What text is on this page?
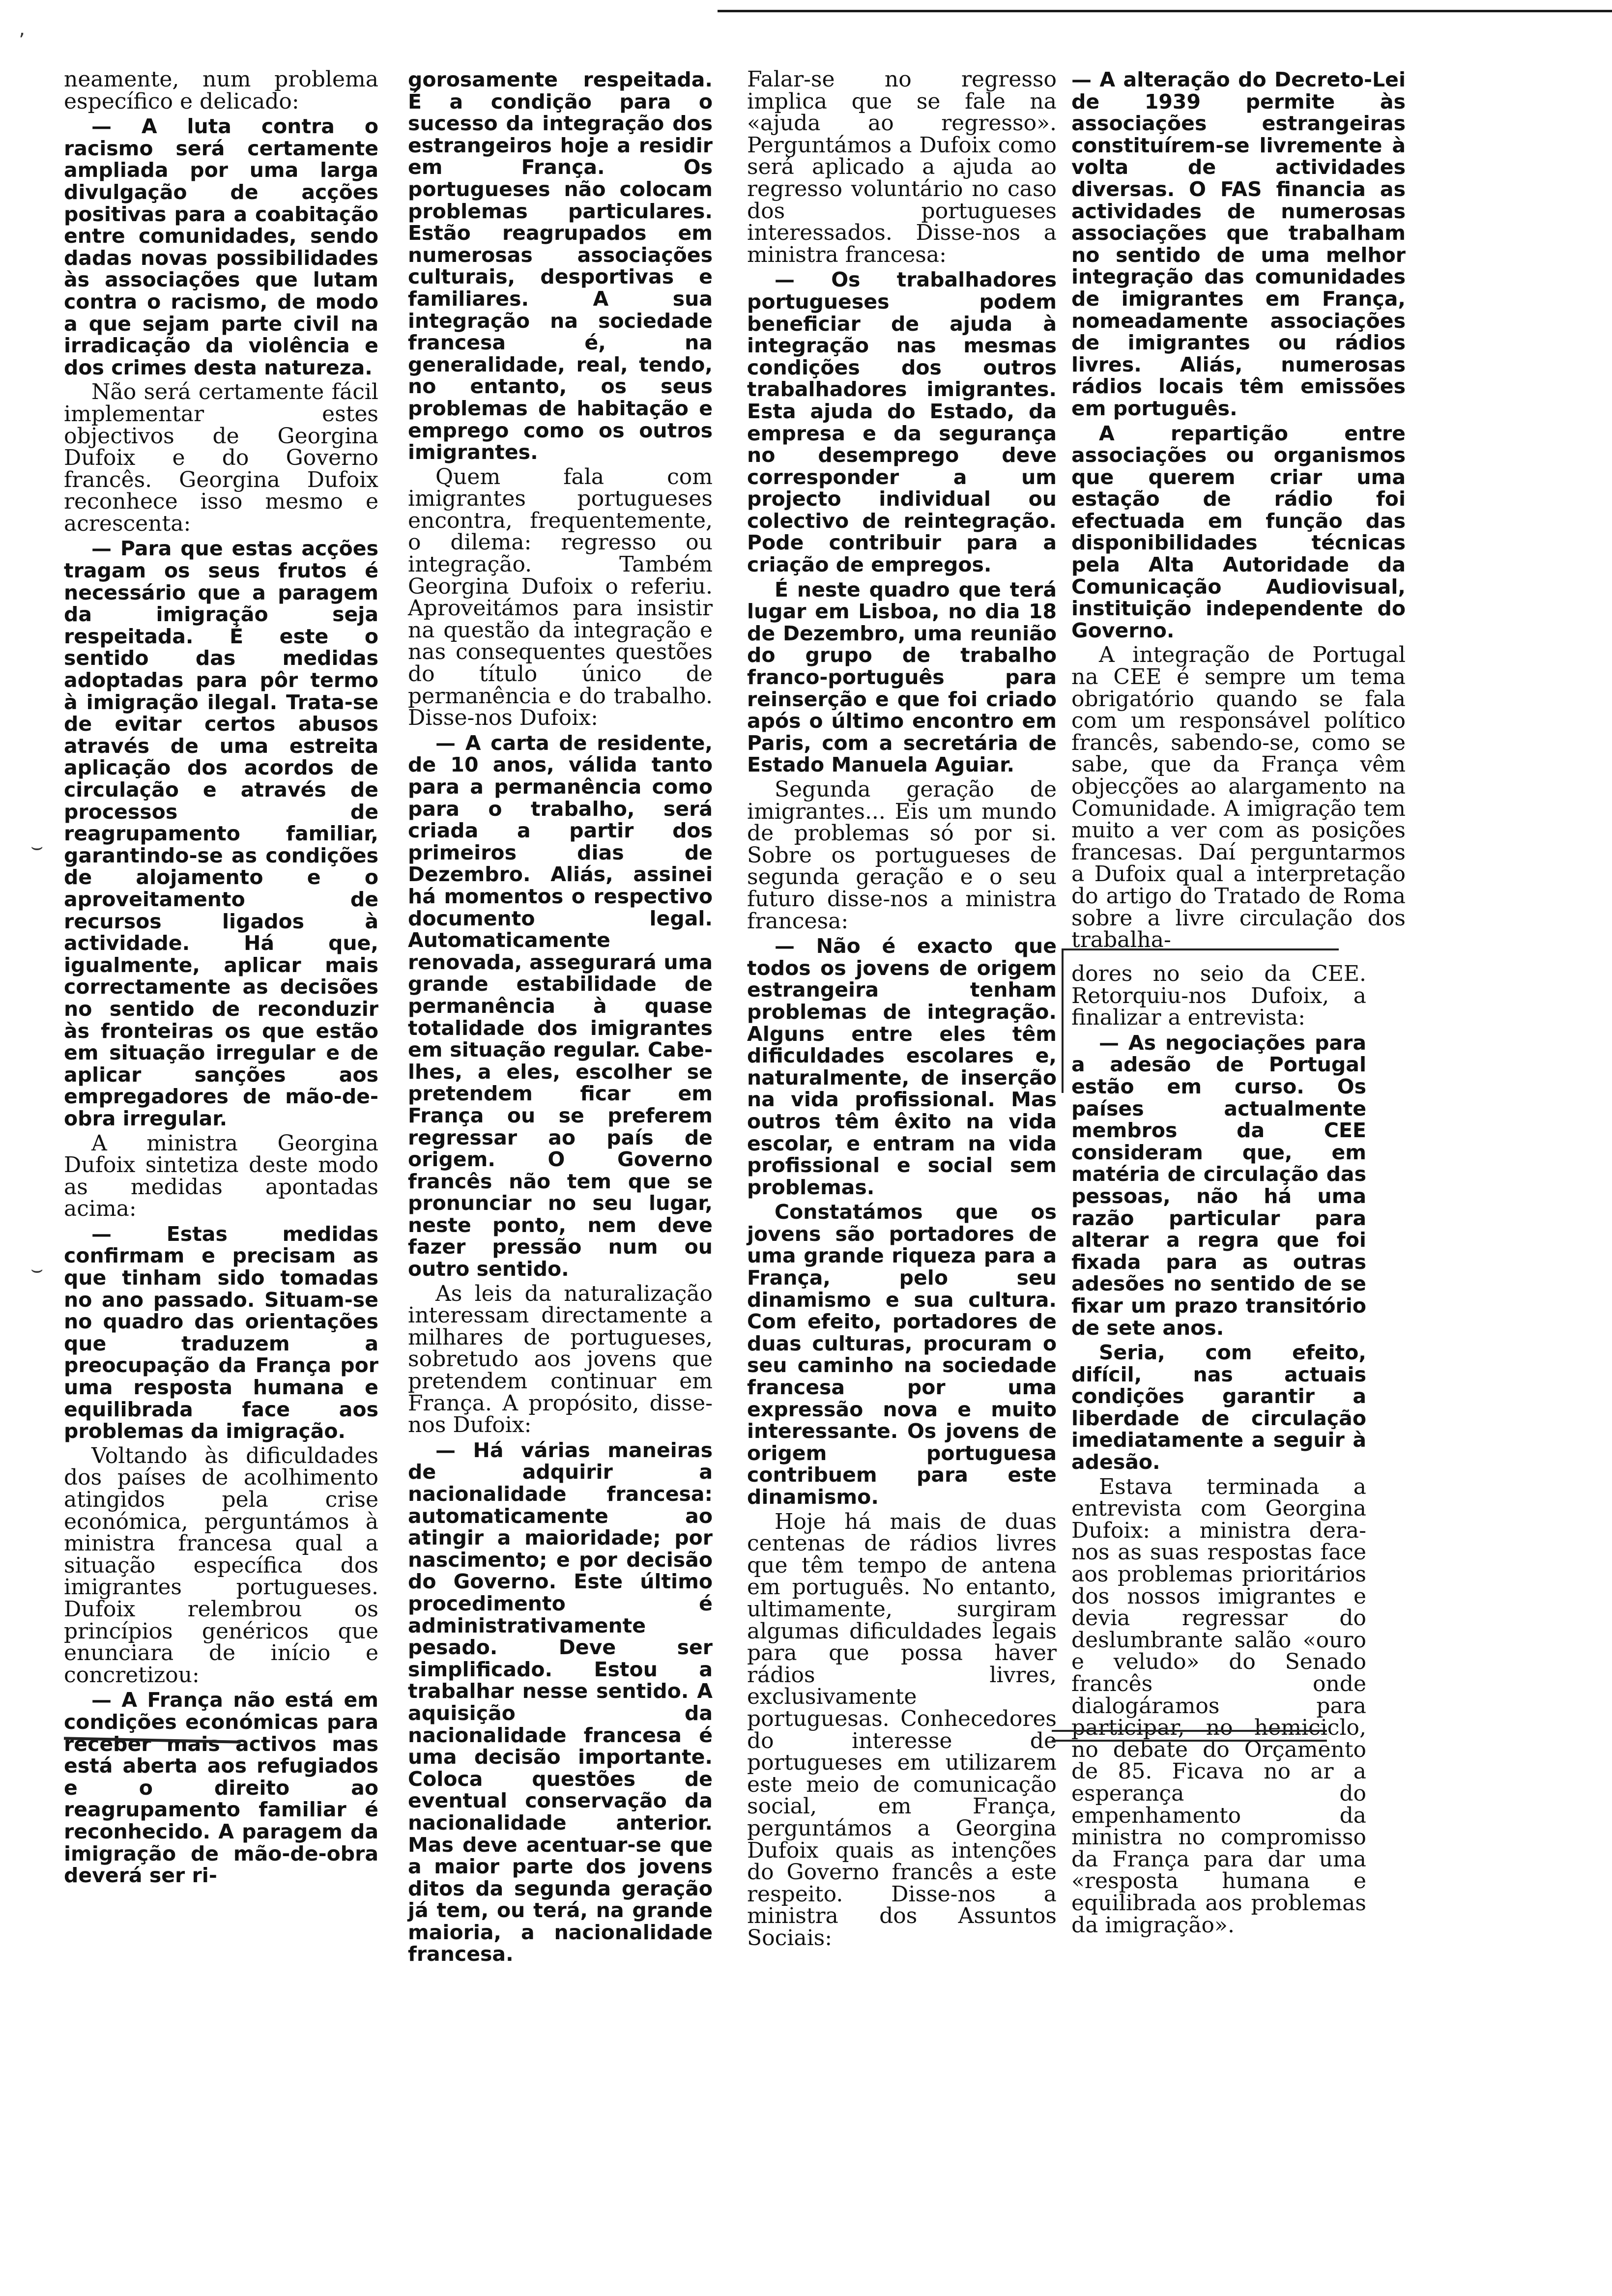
neamente, num problema específico e delicado:

— A luta contra o racismo será certamente ampliada por uma larga divulgação de acções positivas para a coabitação entre comunidades, sendo dadas novas possibilidades às associações que lutam contra o racismo, de modo a que sejam parte civil na irradicação da violência e dos crimes desta natureza.

Não será certamente fácil implementar estes objectivos de Georgina Dufoix e do Governo francês. Georgina Dufoix reconhece isso mesmo e acrescenta:

— Para que estas acções tragam os seus frutos é necessário que a paragem da imigração seja respeitada. É este o sentido das medidas adoptadas para pôr termo à imigração ilegal. Trata-se de evitar certos abusos através de uma estreita aplicação dos acordos de circulação e através de processos de reagrupamento familiar, garantindo-se as condições de alojamento e o aproveitamento de recursos ligados à actividade. Há que, igualmente, aplicar mais correctamente as decisões no sentido de reconduzir às fronteiras os que estão em situação irregular e de aplicar sanções aos empregadores de mão-de-obra irregular.

A ministra Georgina Dufoix sintetiza deste modo as medidas apontadas acima:

— Estas medidas confirmam e precisam as que tinham sido tomadas no ano passado. Situam-se no quadro das orientações que traduzem a preocupação da França por uma resposta humana e equilibrada face aos problemas da imigração.

Voltando às dificuldades dos países de acolhimento atingidos pela crise económica, perguntámos à ministra francesa qual a situação específica dos imigrantes portugueses. Dufoix relembrou os princípios genéricos que enunciara de início e concretizou:

— A França não está em condições económicas para receber mais activos mas está aberta aos refugiados e o direito ao reagrupamento familiar é reconhecido. A paragem da imigração de mão-de-obra deverá ser ri-

gorosamente respeitada. É a condição para o sucesso da integração dos estrangeiros hoje a residir em França. Os portugueses não colocam problemas particulares. Estão reagrupados em numerosas associações culturais, desportivas e familiares. A sua integração na sociedade francesa é, na generalidade, real, tendo, no entanto, os seus problemas de habitação e emprego como os outros imigrantes.

Quem fala com imigrantes portugueses encontra, frequentemente, o dilema: regresso ou integração. Também Georgina Dufoix o referiu. Aproveitámos para insistir na questão da integração e nas consequentes questões do título único de permanência e do trabalho. Disse-nos Dufoix:

— A carta de residente, de 10 anos, válida tanto para a permanência como para o trabalho, será criada a partir dos primeiros dias de Dezembro. Aliás, assinei há momentos o respectivo documento legal. Automaticamente renovada, assegurará uma grande estabilidade de permanência à quase totalidade dos imigrantes em situação regular. Cabe-lhes, a eles, escolher se pretendem ficar em França ou se preferem regressar ao país de origem. O Governo francês não tem que se pronunciar no seu lugar, neste ponto, nem deve fazer pressão num ou outro sentido.

As leis da naturalização interessam directamente a milhares de portugueses, sobretudo aos jovens que pretendem continuar em França. A propósito, disse-nos Dufoix:

— Há várias maneiras de adquirir a nacionalidade francesa: automaticamente ao atingir a maioridade; por nascimento; e por decisão do Governo. Este último procedimento é administrativamente pesado. Deve ser simplificado. Estou a trabalhar nesse sentido. A aquisição da nacionalidade francesa é uma decisão importante. Coloca questões de eventual conservação da nacionalidade anterior. Mas deve acentuar-se que a maior parte dos jovens ditos da segunda geração já tem, ou terá, na grande maioria, a nacionalidade francesa.

Falar-se no regresso implica que se fale na «ajuda ao regresso». Perguntámos a Dufoix como será aplicado a ajuda ao regresso voluntário no caso dos portugueses interessados. Disse-nos a ministra francesa:

— Os trabalhadores portugueses podem beneficiar de ajuda à integração nas mesmas condições dos outros trabalhadores imigrantes. Esta ajuda do Estado, da empresa e da segurança no desemprego deve corresponder a um projecto individual ou colectivo de reintegração. Pode contribuir para a criação de empregos.

É neste quadro que terá lugar em Lisboa, no dia 18 de Dezembro, uma reunião do grupo de trabalho franco-português para reinserção e que foi criado após o último encontro em Paris, com a secretária de Estado Manuela Aguiar.

Segunda geração de imigrantes... Eis um mundo de problemas só por si. Sobre os portugueses de segunda geração e o seu futuro disse-nos a ministra francesa:

— Não é exacto que todos os jovens de origem estrangeira tenham problemas de integração. Alguns entre eles têm dificuldades escolares e, naturalmente, de inserção na vida profissional. Mas outros têm êxito na vida escolar, e entram na vida profissional e social sem problemas.

Constatámos que os jovens são portadores de uma grande riqueza para a França, pelo seu dinamismo e sua cultura. Com efeito, portadores de duas culturas, procuram o seu caminho na sociedade francesa por uma expressão nova e muito interessante. Os jovens de origem portuguesa contribuem para este dinamismo.

Hoje há mais de duas centenas de rádios livres que têm tempo de antena em português. No entanto, ultimamente, surgiram algumas dificuldades legais para que possa haver rádios livres, exclusivamente portuguesas. Conhecedores do interesse de portugueses em utilizarem este meio de comunicação social, em França, perguntámos a Georgina Dufoix quais as intenções do Governo francês a este respeito. Disse-nos a ministra dos Assuntos Sociais:

— A alteração do Decreto-Lei de 1939 permite às associações estrangeiras constituírem-se livremente à volta de actividades diversas. O FAS financia as actividades de numerosas associações que trabalham no sentido de uma melhor integração das comunidades de imigrantes em França, nomeadamente associações de imigrantes ou rádios livres. Aliás, numerosas rádios locais têm emissões em português.

A repartição entre associações ou organismos que querem criar uma estação de rádio foi efectuada em função das disponibilidades técnicas pela Alta Autoridade da Comunicação Audiovisual, instituição independente do Governo.

A integração de Portugal na CEE é sempre um tema obrigatório quando se fala com um responsável político francês, sabendo-se, como se sabe, que da França vêm objecções ao alargamento na Comunidade. A imigração tem muito a ver com as posições francesas. Daí perguntarmos a Dufoix qual a interpretação do artigo do Tratado de Roma sobre a livre circulação dos trabalha-

dores no seio da CEE. Retorquiu-nos Dufoix, a finalizar a entrevista:

— As negociações para a adesão de Portugal estão em curso. Os países actualmente membros da CEE consideram que, em matéria de circulação das pessoas, não há uma razão particular para alterar a regra que foi fixada para as outras adesões no sentido de se fixar um prazo transitório de sete anos.

Seria, com efeito, difícil, nas actuais condições garantir a liberdade de circulação imediatamente a seguir à adesão.

Estava terminada a entrevista com Georgina Dufoix: a ministra dera-nos as suas respostas face aos problemas prioritários dos nossos imigrantes e devia regressar do deslumbrante salão «ouro e veludo» do Senado francês onde dialogáramos para participar, no hemiciclo, no debate do Orçamento de 85. Ficava no ar a esperança do empenhamento da ministra no compromisso da França para dar uma «resposta humana e equilibrada aos problemas da imigração».

ʼ
⌣
⌣
